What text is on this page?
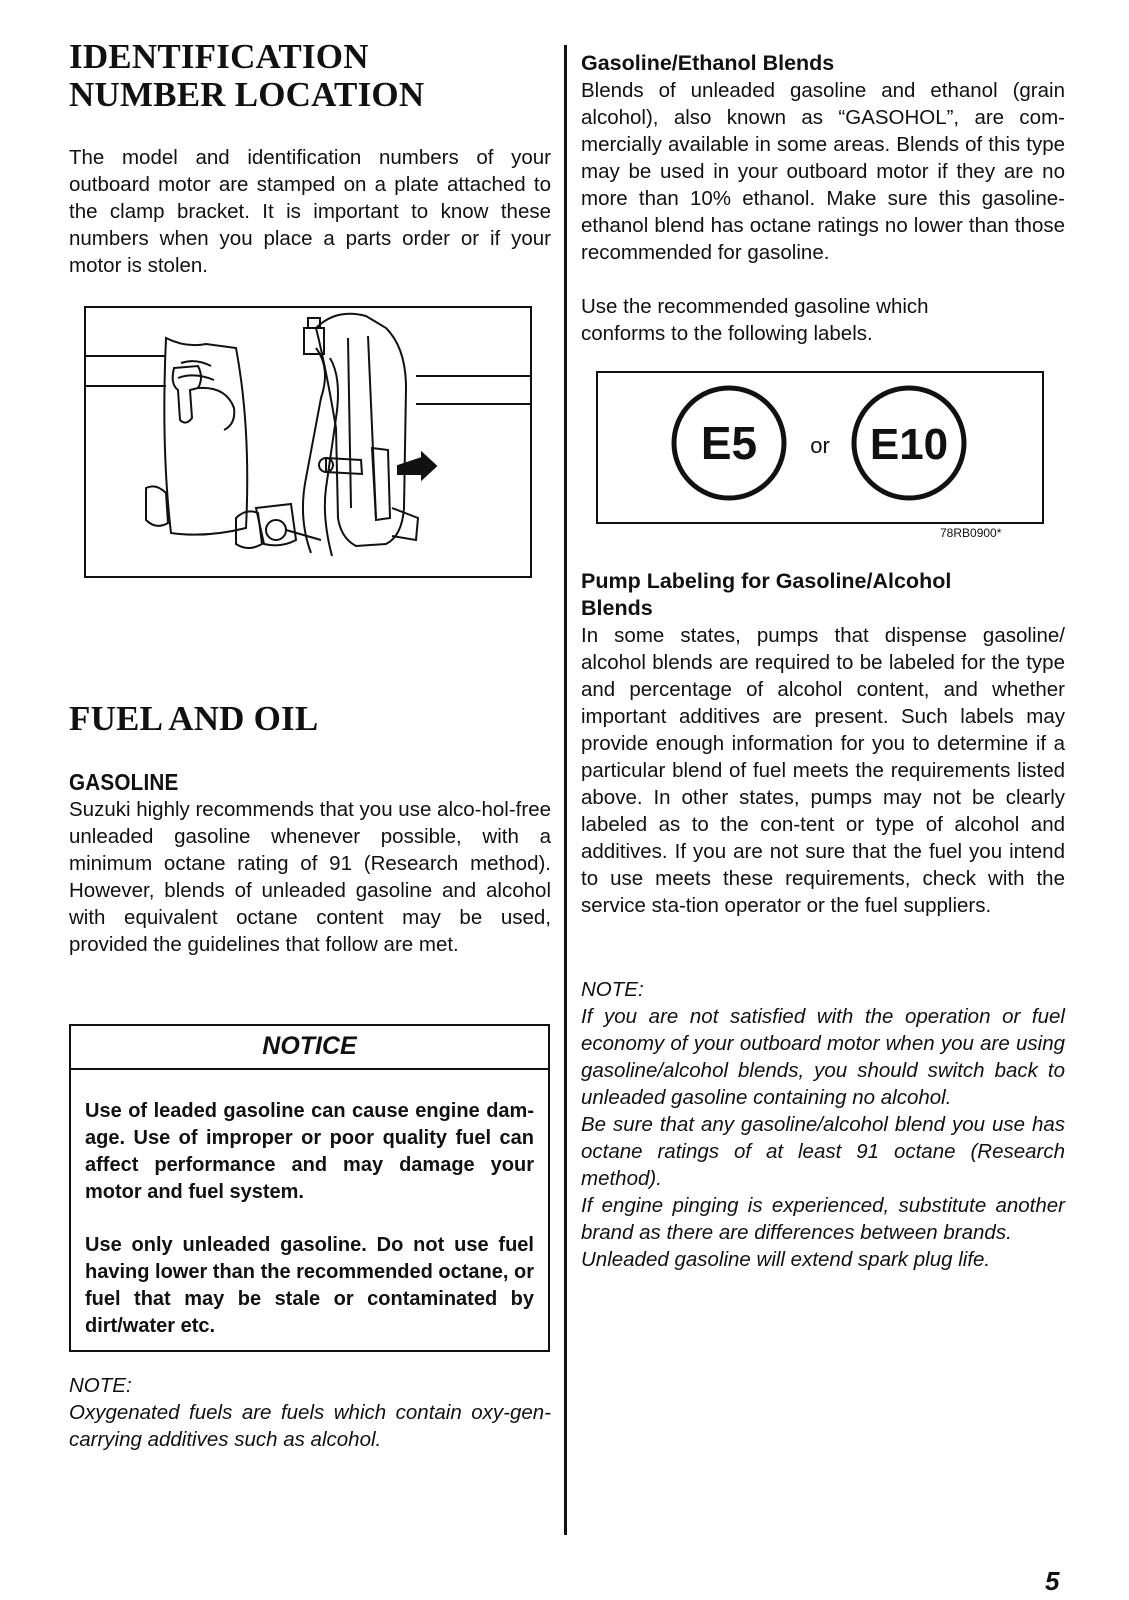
IDENTIFICATION
NUMBER LOCATION

The model and identification numbers of your outboard motor are stamped on a plate attached to the clamp bracket. It is important to know these numbers when you place a parts order or if your motor is stolen.

FUEL AND OIL
GASOLINE

Suzuki highly recommends that you use alco-hol-free unleaded gasoline whenever possible, with a minimum octane rating of 91 (Research method). However, blends of unleaded gasoline and alcohol with equivalent octane content may be used, provided the guidelines that follow are met.

NOTICE

Use of leaded gasoline can cause engine dam-age. Use of improper or poor quality fuel can affect performance and may damage your motor and fuel system.

Use only unleaded gasoline. Do not use fuel having lower than the recommended octane, or fuel that may be stale or contaminated by dirt/water etc.

NOTE:

Oxygenated fuels are fuels which contain oxy-gen-carrying additives such as alcohol.

Gasoline/Ethanol Blends

Blends of unleaded gasoline and ethanol (grain alcohol), also known as “GASOHOL”, are com-mercially available in some areas. Blends of this type may be used in your outboard motor if they are no more than 10% ethanol. Make sure this gasoline-ethanol blend has octane ratings no lower than those recommended for gasoline.

Use the recommended gasoline which
conforms to the following labels.

E5 or E10
78RB0900*
Pump Labeling for Gasoline/Alcohol
Blends

In some states, pumps that dispense gasoline/ alcohol blends are required to be labeled for the type and percentage of alcohol content, and whether important additives are present. Such labels may provide enough information for you to determine if a particular blend of fuel meets the requirements listed above. In other states, pumps may not be clearly labeled as to the con-tent or type of alcohol and additives. If you are not sure that the fuel you intend to use meets these requirements, check with the service sta-tion operator or the fuel suppliers.

NOTE:

If you are not satisfied with the operation or fuel economy of your outboard motor when you are using gasoline/alcohol blends, you should switch back to unleaded gasoline containing no alcohol.

Be sure that any gasoline/alcohol blend you use has octane ratings of at least 91 octane (Research method).

If engine pinging is experienced, substitute another brand as there are differences between brands.

Unleaded gasoline will extend spark plug life.

5
